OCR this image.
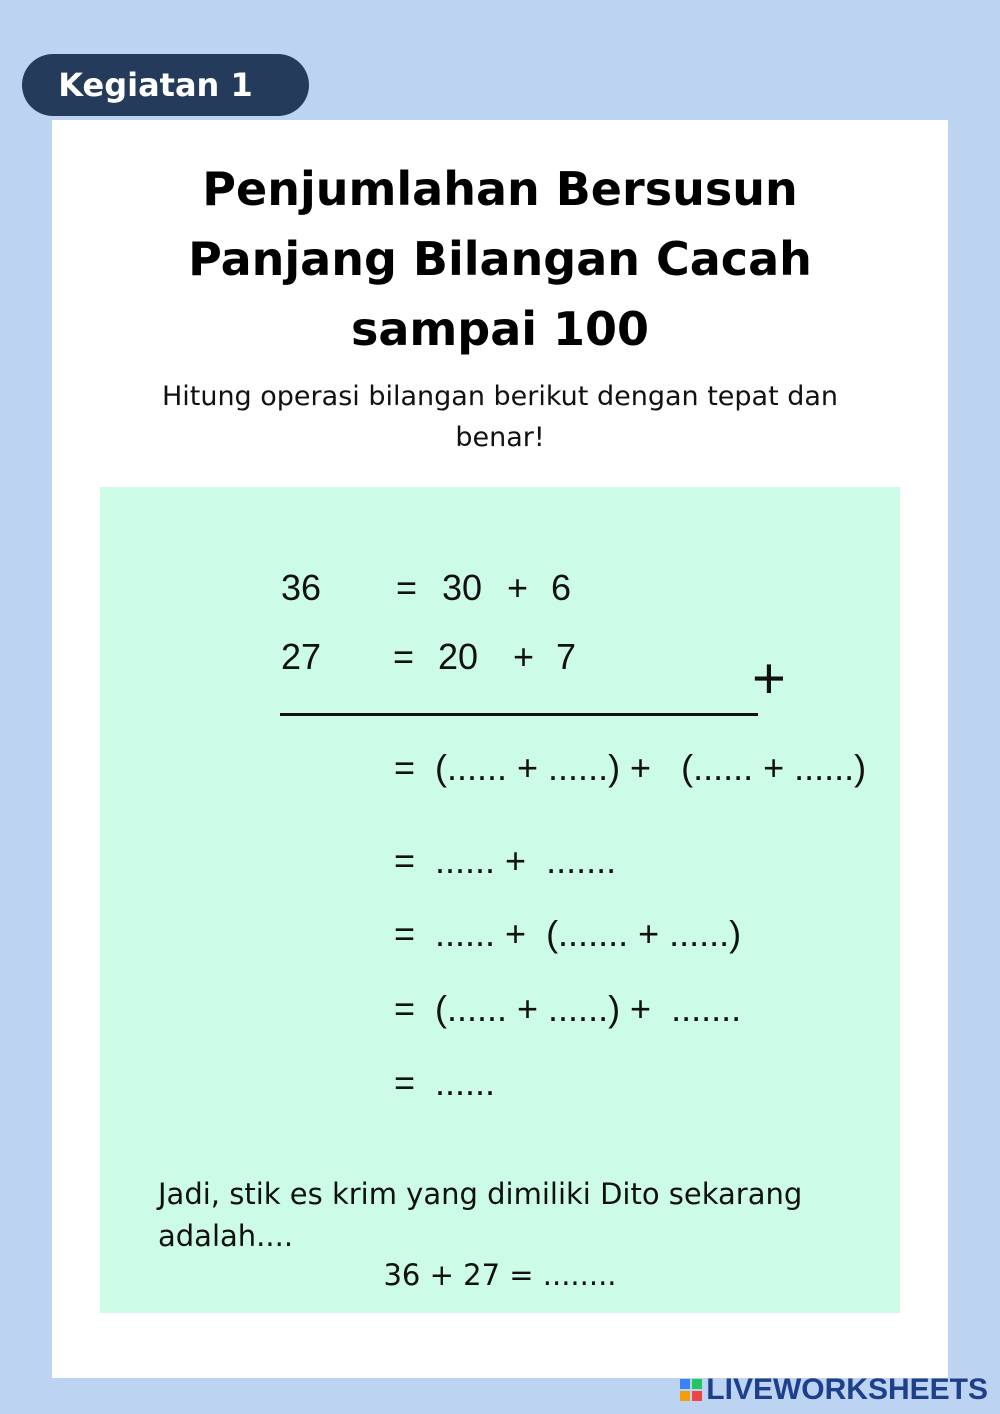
Kegiatan 1
Penjumlahan Bersusun
Panjang Bilangan Cacah
sampai 100
Hitung operasi bilangan berikut dengan tepat dan benar!
36 = 30 + 6
27 = 20 + 7	+
=  (...... + ......) +   (...... + ......)
=  ...... +  .......
=  ...... +  (....... + ......)
=  (...... + ......) +  .......
=  ......
Jadi, stik es krim yang dimiliki Dito sekarang adalah....
36 + 27 = ........
LIVEWORKSHEETS
